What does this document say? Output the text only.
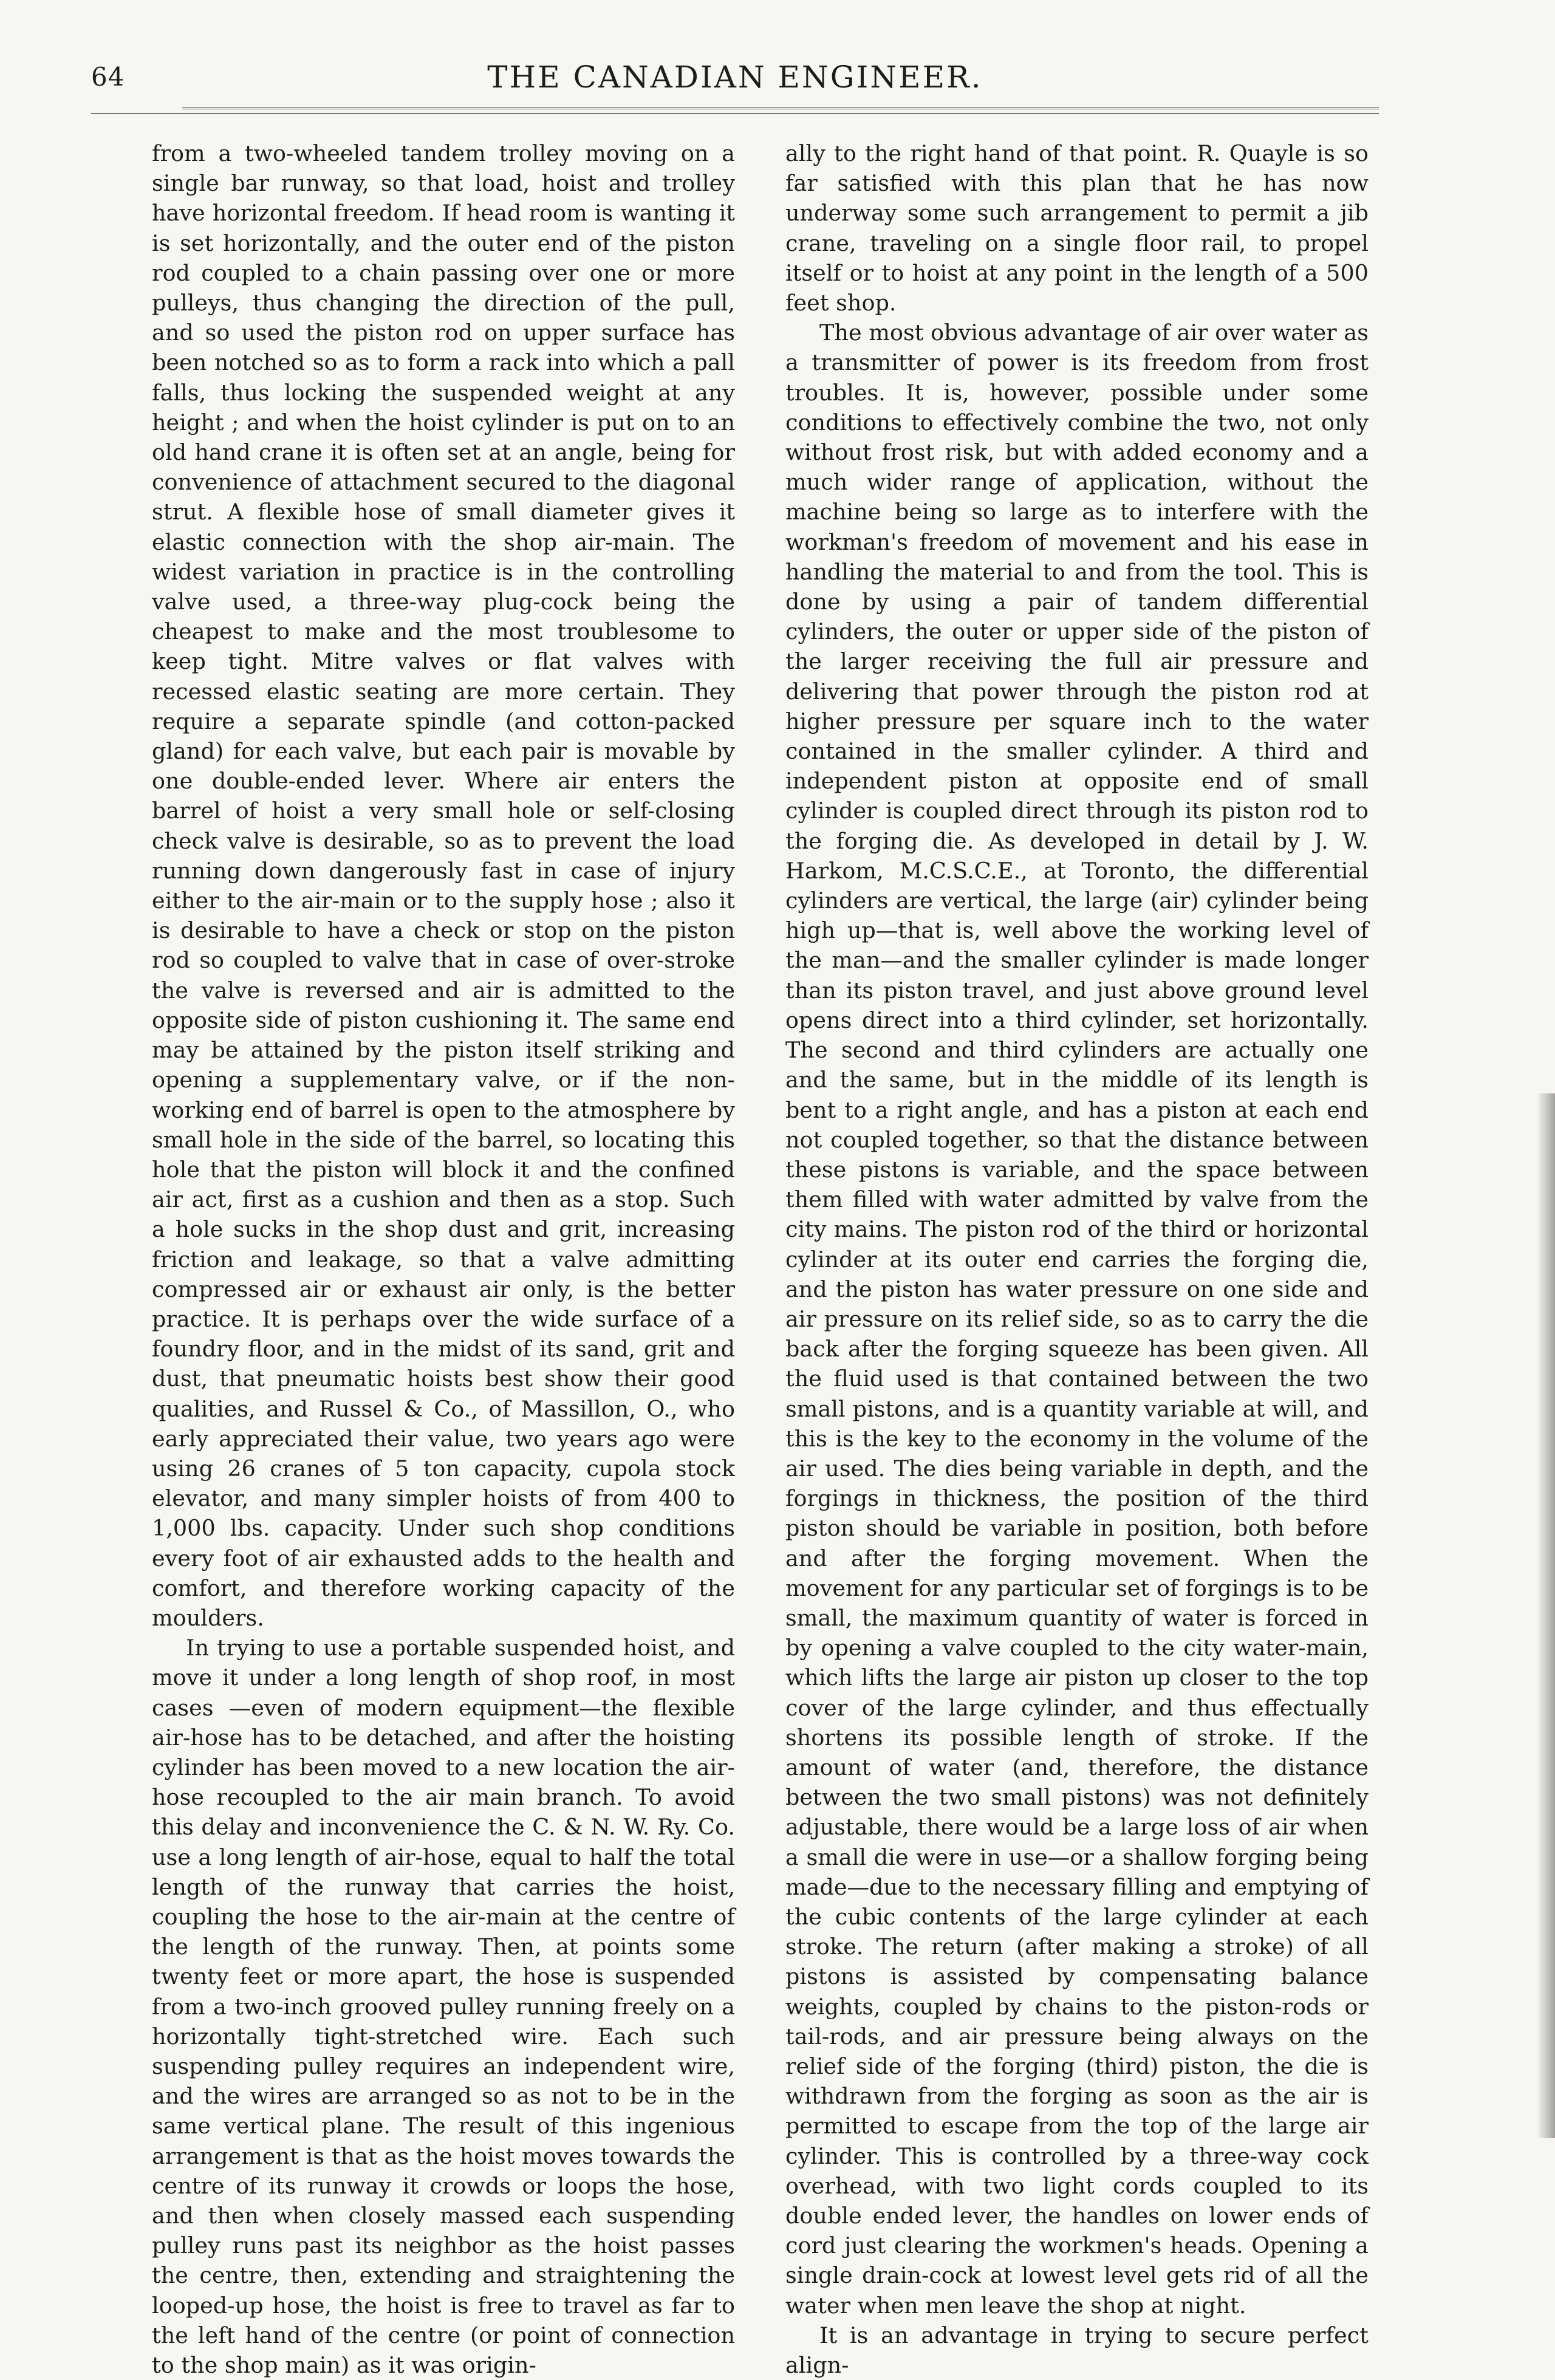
64	THE CANADIAN ENGINEER.

from a two-wheeled tandem trolley moving on a single bar runway, so that load, hoist and trolley have horizontal freedom. If head room is wanting it is set horizontally, and the outer end of the piston rod coupled to a chain passing over one or more pulleys, thus changing the direction of the pull, and so used the piston rod on upper surface has been notched so as to form a rack into which a pall falls, thus locking the suspended weight at any height ; and when the hoist cylinder is put on to an old hand crane it is often set at an angle, being for convenience of attachment secured to the diagonal strut. A flexible hose of small diameter gives it elastic connection with the shop air-main. The widest variation in practice is in the controlling valve used, a three-way plug-cock being the cheapest to make and the most troublesome to keep tight. Mitre valves or flat valves with recessed elastic seating are more certain. They require a separate spindle (and cotton-packed gland) for each valve, but each pair is movable by one double-ended lever. Where air enters the barrel of hoist a very small hole or self-closing check valve is desirable, so as to prevent the load running down dangerously fast in case of injury either to the air-main or to the supply hose ; also it is desirable to have a check or stop on the piston rod so coupled to valve that in case of over-stroke the valve is reversed and air is admitted to the opposite side of piston cushioning it. The same end may be attained by the piston itself striking and opening a supplementary valve, or if the non-working end of barrel is open to the atmosphere by small hole in the side of the barrel, so locating this hole that the piston will block it and the confined air act, first as a cushion and then as a stop. Such a hole sucks in the shop dust and grit, increasing friction and leakage, so that a valve admitting compressed air or exhaust air only, is the better practice. It is perhaps over the wide surface of a foundry floor, and in the midst of its sand, grit and dust, that pneumatic hoists best show their good qualities, and Russel & Co., of Massillon, O., who early appreciated their value, two years ago were using 26 cranes of 5 ton capacity, cupola stock elevator, and many simpler hoists of from 400 to 1,000 lbs. capacity. Under such shop conditions every foot of air exhausted adds to the health and comfort, and therefore working capacity of the moulders.

In trying to use a portable suspended hoist, and move it under a long length of shop roof, in most cases —even of modern equipment—the flexible air-hose has to be detached, and after the hoisting cylinder has been moved to a new location the air-hose recoupled to the air main branch. To avoid this delay and inconvenience the C. & N. W. Ry. Co. use a long length of air-hose, equal to half the total length of the runway that carries the hoist, coupling the hose to the air-main at the centre of the length of the runway. Then, at points some twenty feet or more apart, the hose is suspended from a two-inch grooved pulley running freely on a horizontally tight-stretched wire. Each such suspending pulley requires an independent wire, and the wires are arranged so as not to be in the same vertical plane. The result of this ingenious arrangement is that as the hoist moves towards the centre of its runway it crowds or loops the hose, and then when closely massed each suspending pulley runs past its neighbor as the hoist passes the centre, then, extending and straightening the looped-up hose, the hoist is free to travel as far to the left hand of the centre (or point of connection to the shop main) as it was origin-

ally to the right hand of that point. R. Quayle is so far satisfied with this plan that he has now underway some such arrangement to permit a jib crane, traveling on a single floor rail, to propel itself or to hoist at any point in the length of a 500 feet shop.

The most obvious advantage of air over water as a transmitter of power is its freedom from frost troubles. It is, however, possible under some conditions to effectively combine the two, not only without frost risk, but with added economy and a much wider range of application, without the machine being so large as to interfere with the workman's freedom of movement and his ease in handling the material to and from the tool. This is done by using a pair of tandem differential cylinders, the outer or upper side of the piston of the larger receiving the full air pressure and delivering that power through the piston rod at higher pressure per square inch to the water contained in the smaller cylinder. A third and independent piston at opposite end of small cylinder is coupled direct through its piston rod to the forging die. As developed in detail by J. W. Harkom, M.C.S.C.E., at Toronto, the differential cylinders are vertical, the large (air) cylinder being high up—that is, well above the working level of the man—and the smaller cylinder is made longer than its piston travel, and just above ground level opens direct into a third cylinder, set horizontally. The second and third cylinders are actually one and the same, but in the middle of its length is bent to a right angle, and has a piston at each end not coupled together, so that the distance between these pistons is variable, and the space between them filled with water admitted by valve from the city mains. The piston rod of the third or horizontal cylinder at its outer end carries the forging die, and the piston has water pressure on one side and air pressure on its relief side, so as to carry the die back after the forging squeeze has been given. All the fluid used is that contained between the two small pistons, and is a quantity variable at will, and this is the key to the economy in the volume of the air used. The dies being variable in depth, and the forgings in thickness, the position of the third piston should be variable in position, both before and after the forging movement. When the movement for any particular set of forgings is to be small, the maximum quantity of water is forced in by opening a valve coupled to the city water-main, which lifts the large air piston up closer to the top cover of the large cylinder, and thus effectually shortens its possible length of stroke. If the amount of water (and, therefore, the distance between the two small pistons) was not definitely adjustable, there would be a large loss of air when a small die were in use—or a shallow forging being made—due to the necessary filling and emptying of the cubic contents of the large cylinder at each stroke. The return (after making a stroke) of all pistons is assisted by compensating balance weights, coupled by chains to the piston-rods or tail-rods, and air pressure being always on the relief side of the forging (third) piston, the die is withdrawn from the forging as soon as the air is permitted to escape from the top of the large air cylinder. This is controlled by a three-way cock overhead, with two light cords coupled to its double ended lever, the handles on lower ends of cord just clearing the workmen's heads. Opening a single drain-cock at lowest level gets rid of all the water when men leave the shop at night.

It is an advantage in trying to secure perfect align-
